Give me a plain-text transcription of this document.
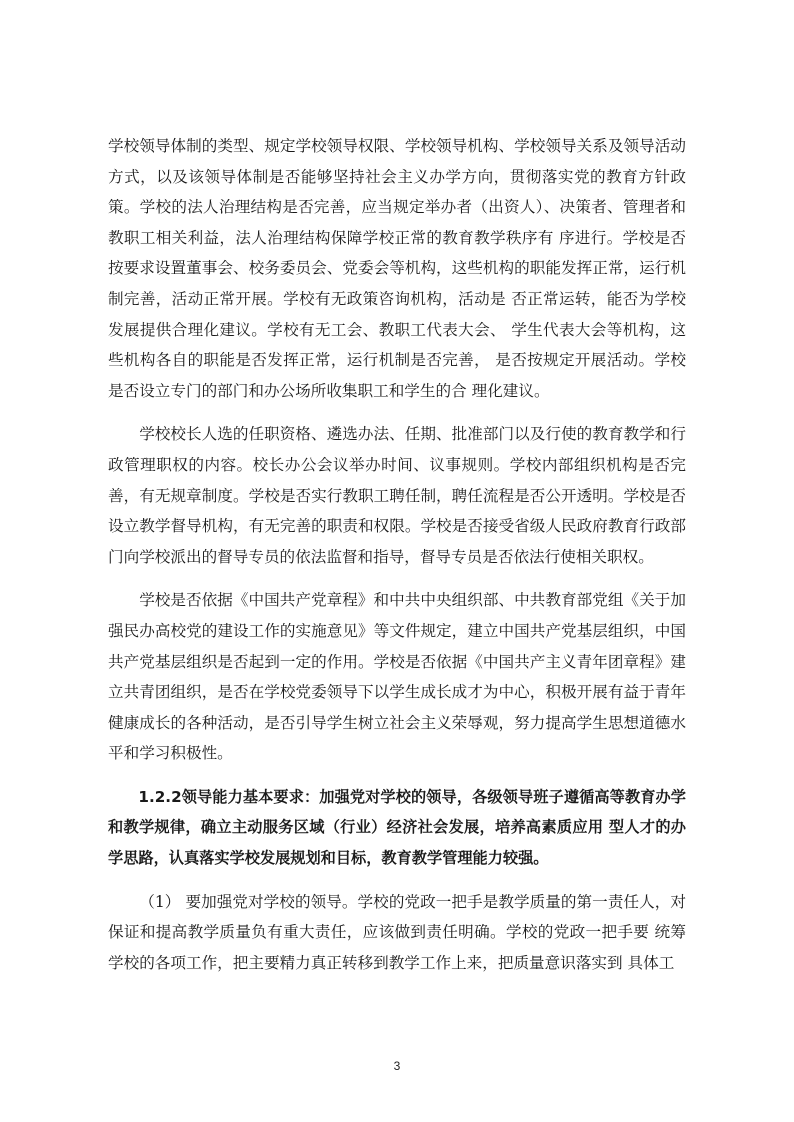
学校领导体制的类型、规定学校领导权限、学校领导机构、学校领导关系及领导活动方式，以及该领导体制是否能够坚持社会主义办学方向，贯彻落实党的教育方针政策。学校的法人治理结构是否完善，应当规定举办者（出资人）、决策者、管理者和教职工相关利益，法人治理结构保障学校正常的教育教学秩序有 序进行。学校是否按要求设置董事会、校务委员会、党委会等机构，这些机构的职能发挥正常，运行机制完善，活动正常开展。学校有无政策咨询机构，活动是 否正常运转，能否为学校发展提供合理化建议。学校有无工会、教职工代表大会、 学生代表大会等机构，这些机构各自的职能是否发挥正常，运行机制是否完善， 是否按规定开展活动。学校是否设立专门的部门和办公场所收集职工和学生的合 理化建议。

学校校长人选的任职资格、遴选办法、任期、批准部门以及行使的教育教学和行政管理职权的内容。校长办公会议举办时间、议事规则。学校内部组织机构是否完善，有无规章制度。学校是否实行教职工聘任制，聘任流程是否公开透明。学校是否设立教学督导机构，有无完善的职责和权限。学校是否接受省级人民政府教育行政部门向学校派出的督导专员的依法监督和指导，督导专员是否依法行使相关职权。

学校是否依据《中国共产党章程》和中共中央组织部、中共教育部党组《关于加强民办高校党的建设工作的实施意见》等文件规定，建立中国共产党基层组织，中国共产党基层组织是否起到一定的作用。学校是否依据《中国共产主义青年团章程》建立共青团组织，是否在学校党委领导下以学生成长成才为中心，积极开展有益于青年健康成长的各种活动，是否引导学生树立社会主义荣辱观，努力提高学生思想道德水平和学习积极性。

1.2.2领导能力基本要求：加强党对学校的领导，各级领导班子遵循高等教育办学和教学规律，确立主动服务区域（行业）经济社会发展，培养高素质应用 型人才的办学思路，认真落实学校发展规划和目标，教育教学管理能力较强。

（1） 要加强党对学校的领导。学校的党政一把手是教学质量的第一责任人，对保证和提高教学质量负有重大责任，应该做到责任明确。学校的党政一把手要 统筹学校的各项工作，把主要精力真正转移到教学工作上来，把质量意识落实到 具体工

3
